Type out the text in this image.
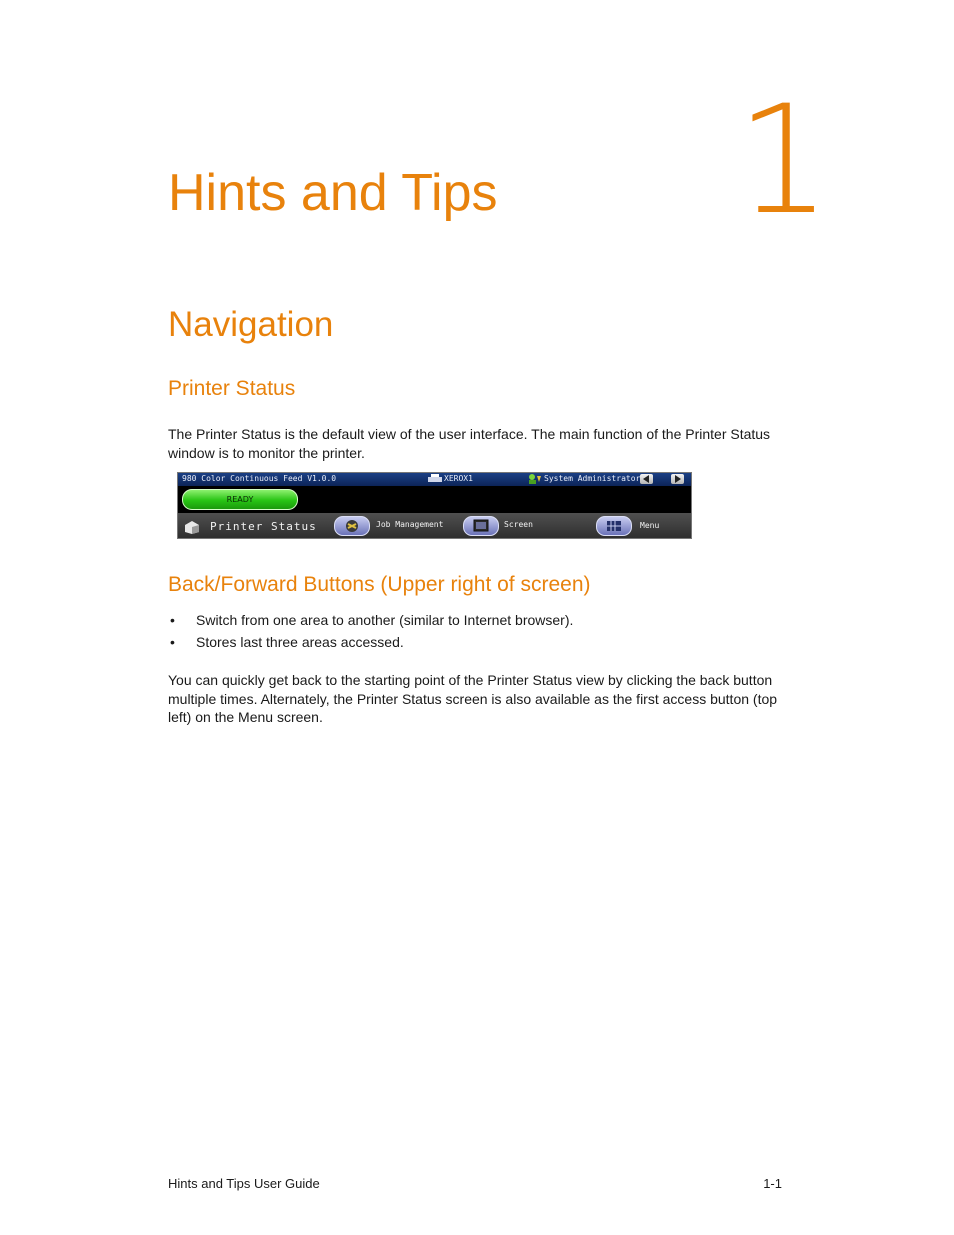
1
Hints and Tips
Navigation
Printer Status

The Printer Status is the default view of the user interface. The main function of the Printer Status window is to monitor the printer.

980 Color Continuous Feed V1.0.0	XEROX1	System Administrator
READY
Printer Status	Job Management	Screen	Menu
Back/Forward Buttons (Upper right of screen)
• Switch from one area to another (similar to Internet browser).
• Stores last three areas accessed.

You can quickly get back to the starting point of the Printer Status view by clicking the back button multiple times. Alternately, the Printer Status screen is also available as the first access button (top left) on the Menu screen.

Hints and Tips User Guide	1-1
